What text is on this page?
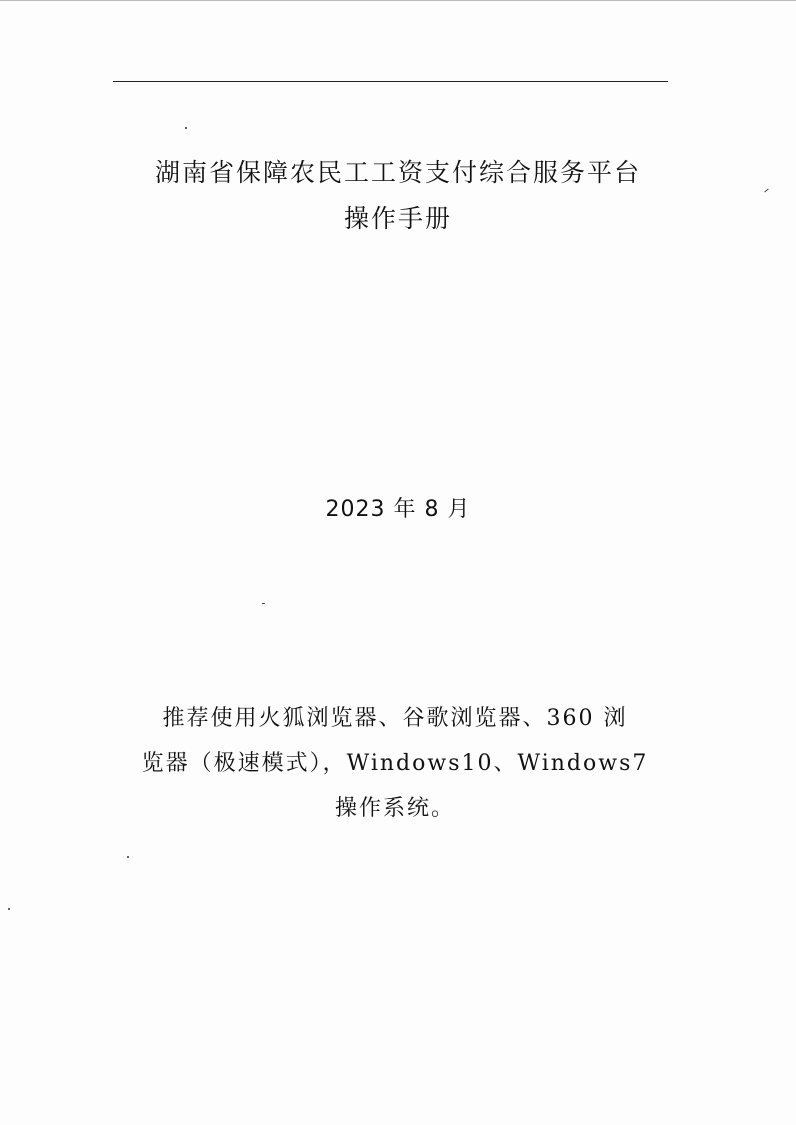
湖南省保障农民工工资支付综合服务平台
操作手册
2023 年 8 月
推荐使用火狐浏览器、谷歌浏览器、360 浏
览器（极速模式），Windows10、Windows7
操作系统。
